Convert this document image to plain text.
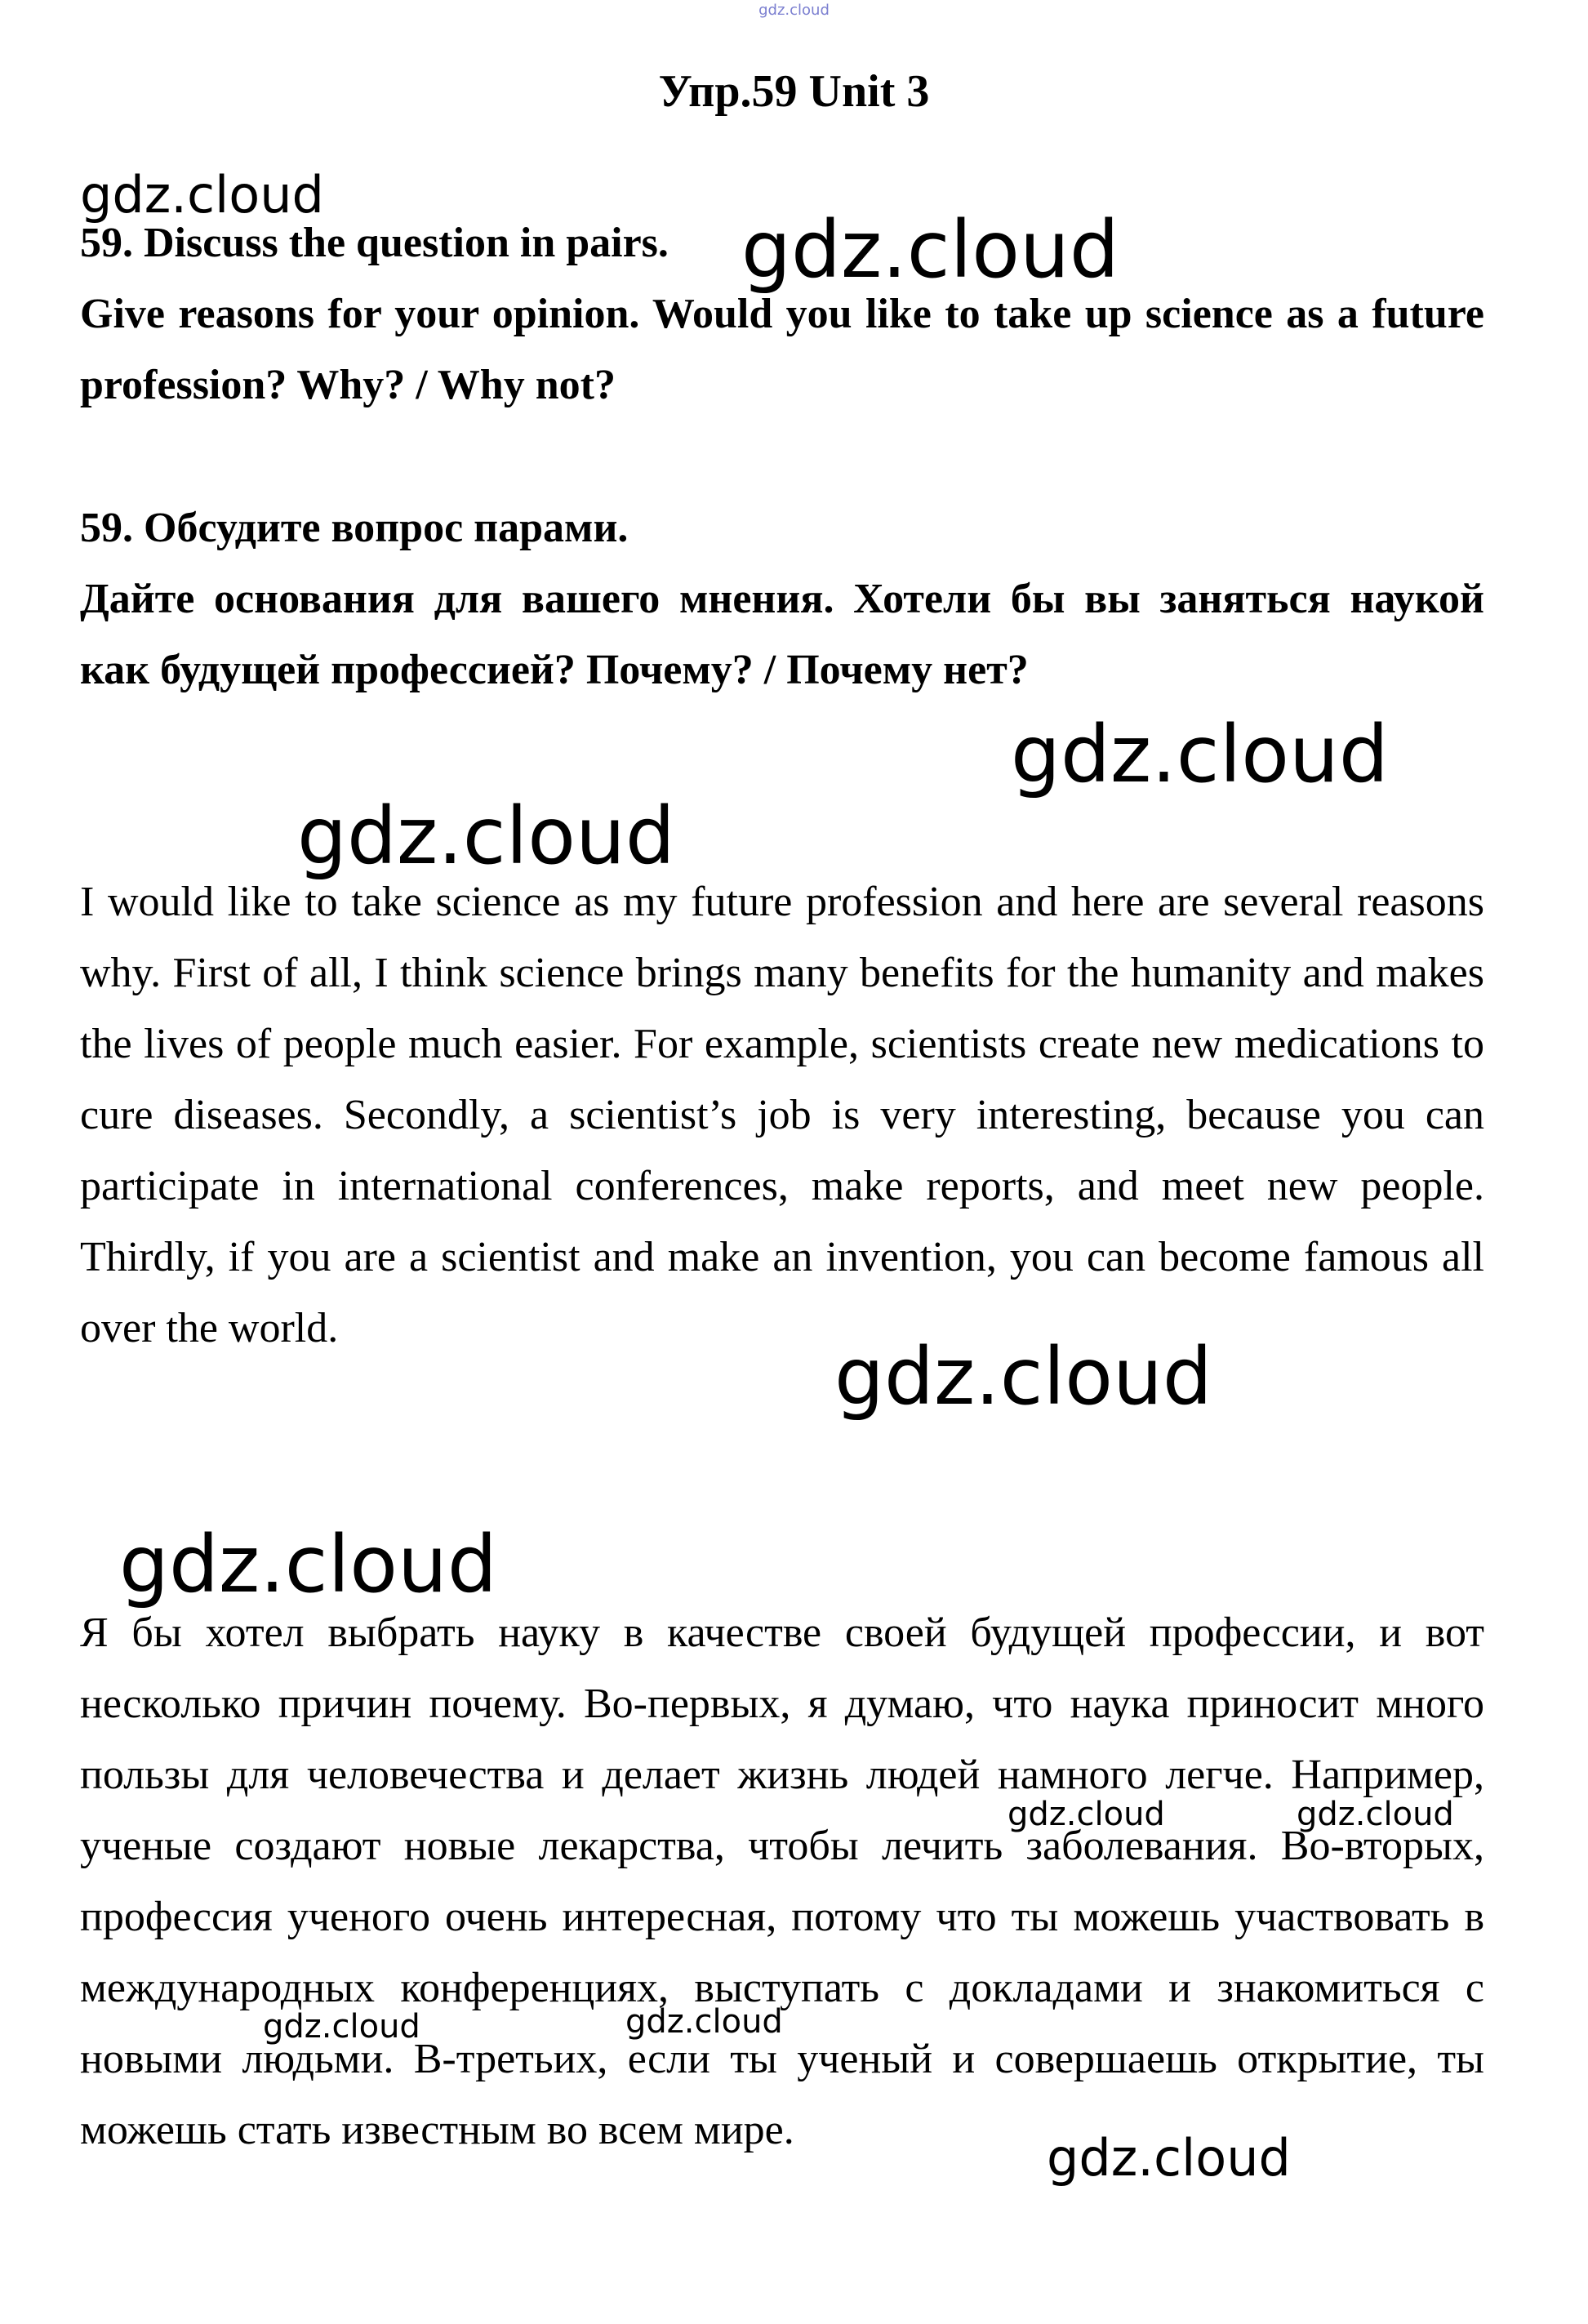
gdz.cloud
Упр.59 Unit 3

59. Discuss the question in pairs.

Give reasons for your opinion. Would you like to take up science as a future profession? Why? / Why not?

59. Обсудите вопрос парами.

Дайте основания для вашего мнения. Хотели бы вы заняться наукой как будущей профессией? Почему? / Почему нет?

I would like to take science as my future profession and here are several reasons why. First of all, I think science brings many benefits for the humanity and makes the lives of people much easier. For example, scientists create new medications to cure diseases. Secondly, a scientist’s job is very interesting, because you can participate in international conferences, make reports, and meet new people. Thirdly, if you are a scientist and make an invention, you can become famous all over the world.

Я бы хотел выбрать науку в качестве своей будущей профессии, и вот несколько причин почему. Во-первых, я думаю, что наука приносит много пользы для человечества и делает жизнь людей намного легче. Например, ученые создают новые лекарства, чтобы лечить заболевания. Во-вторых, профессия ученого очень интересная, потому что ты можешь участвовать в международных конференциях, выступать с докладами и знакомиться с новыми людьми. В-третьих, если ты ученый и совершаешь открытие, ты можешь стать известным во всем мире.

gdz.cloud
gdz.cloud
gdz.cloud
gdz.cloud
gdz.cloud
gdz.cloud
gdz.cloud	gdz.cloud
gdz.cloud	gdz.cloud
gdz.cloud
